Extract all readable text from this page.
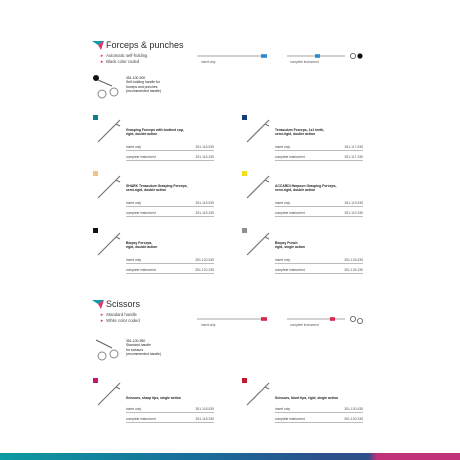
Forceps & punches
► Automatic self-holding
► Black color coded	insert only	complete instrument
351-100-500
Self-holding handle for
forceps and punches
(recommended handle)
Grasping Forceps with toothed cup,
rigid, double action
insert only	351-116-535
complete instrument	351-116-335
Tenaculum Forceps, 1x1 teeth,
semi-rigid, double action
insert only	351-117-535
complete instrument	351-117-335
SHARK Tenaculum Grasping Forceps,
semi-rigid, double action
insert only	351-115-535
complete instrument	351-115-335
ACCARDI Harpoon Grasping Forceps,
semi-rigid, double action
insert only	351-119-535
complete instrument	351-119-335
Biopsy Forceps,
rigid, double action
insert only	351-120-535
complete instrument	351-120-335
Biopsy Punch
rigid, single action
insert only	351-126-535
complete instrument	351-126-335
Scissors
► Standard handle
► White color coded
insert only	complete instrument
351-100-550
Standard handle
for scissors
(recommended handle)
Scissors, sharp tips, single action
insert only	351-118-535
complete instrument	351-118-335
Scissors, blunt tips, rigid, single action
insert only	351-100-535
complete instrument	351-100-335
